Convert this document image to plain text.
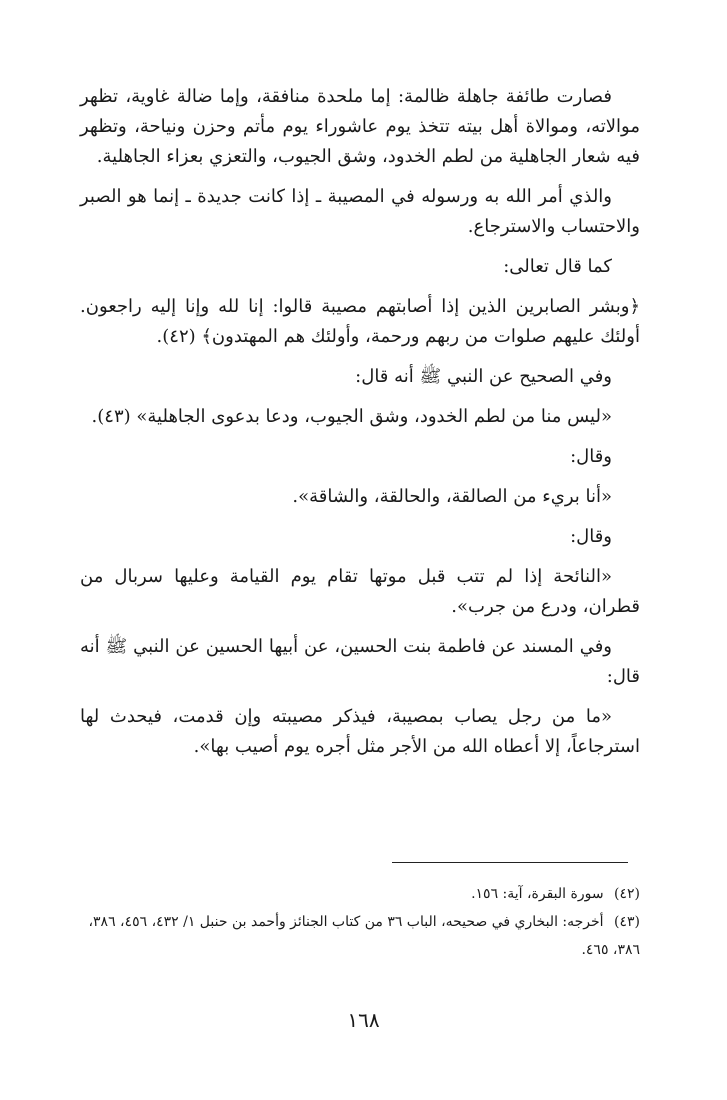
فصارت طائفة جاهلة ظالمة: إما ملحدة منافقة، وإما ضالة غاوية، تظهر موالاته، وموالاة أهل بيته تتخذ يوم عاشوراء يوم مأتم وحزن ونياحة، وتظهر فيه شعار الجاهلية من لطم الخدود، وشق الجيوب، والتعزي بعزاء الجاهلية.

والذي أمر الله به ورسوله في المصيبة ـ إذا كانت جديدة ـ إنما هو الصبر والاحتساب والاسترجاع.

كما قال تعالى:

﴿وبشر الصابرين الذين إذا أصابتهم مصيبة قالوا: إنا لله وإنا إليه راجعون. أولئك عليهم صلوات من ربهم ورحمة، وأولئك هم المهتدون﴾ (٤٢).

وفي الصحيح عن النبي ﷺ أنه قال:

«ليس منا من لطم الخدود، وشق الجيوب، ودعا بدعوى الجاهلية» (٤٣).

وقال:

«أنا بريء من الصالقة، والحالقة، والشاقة».

وقال:

«النائحة إذا لم تتب قبل موتها تقام يوم القيامة وعليها سربال من قطران، ودرع من جرب».

وفي المسند عن فاطمة بنت الحسين، عن أبيها الحسين عن النبي ﷺ أنه قال:

«ما من رجل يصاب بمصيبة، فيذكر مصيبته وإن قدمت، فيحدث لها استرجاعاً، إلا أعطاه الله من الأجر مثل أجره يوم أصيب بها».

(٤٢) سورة البقرة، آية: ١٥٦.

(٤٣) أخرجه: البخاري في صحيحه، الباب ٣٦ من كتاب الجنائز وأحمد بن حنبل ١/ ٤٣٢، ٤٥٦، ٣٨٦، ٣٨٦، ٤٦٥.

١٦٨
